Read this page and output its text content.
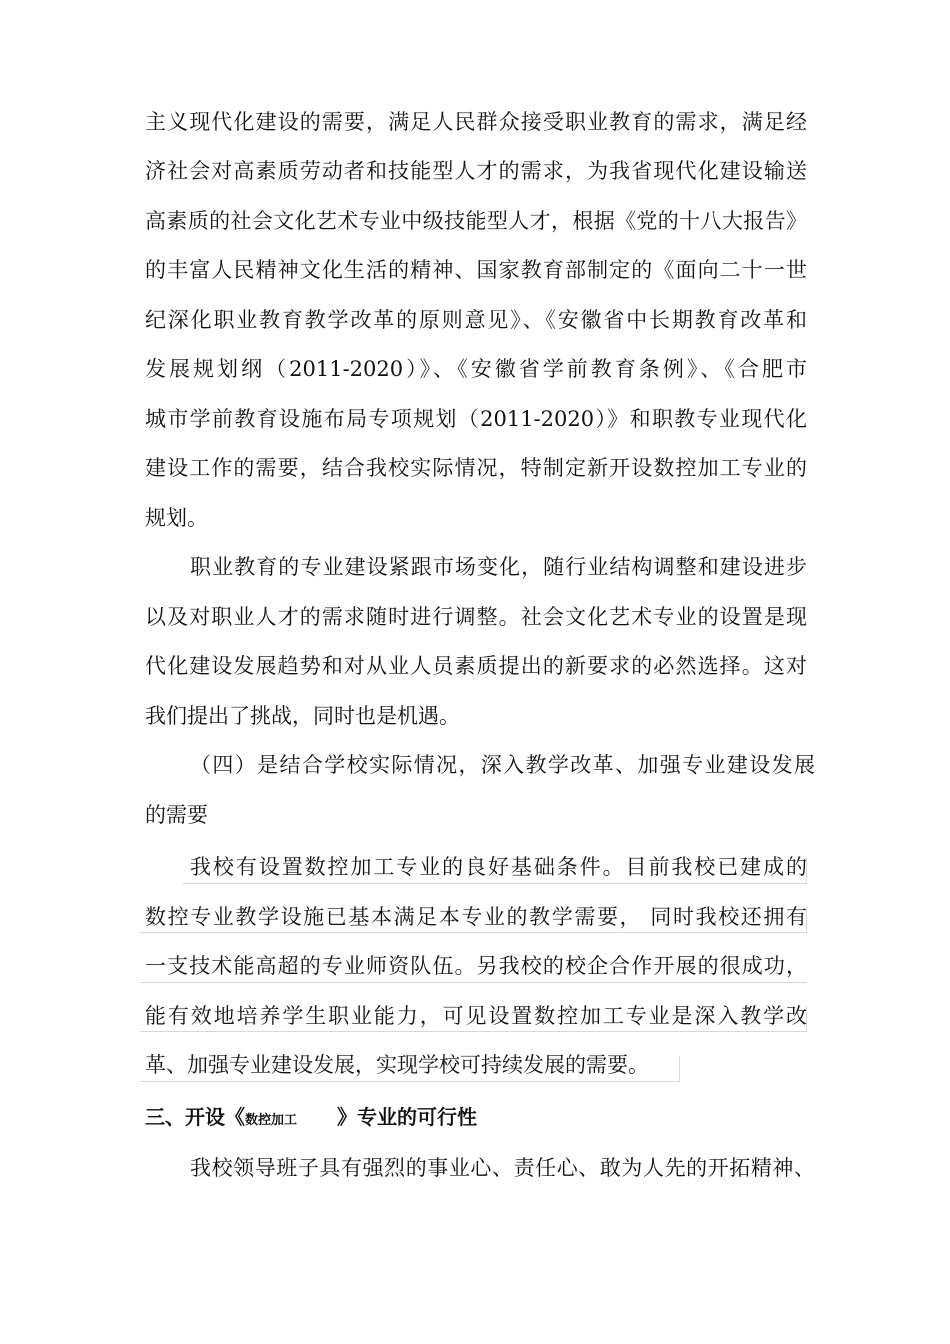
主义现代化建设的需要，满足人民群众接受职业教育的需求，满足经
济社会对高素质劳动者和技能型人才的需求，为我省现代化建设输送
高素质的社会文化艺术专业中级技能型人才，根据《党的十八大报告》
的丰富人民精神文化生活的精神、国家教育部制定的《面向二十一世
纪深化职业教育教学改革的原则意见》、《安徽省中长期教育改革和
发展规划纲（2011-2020）》、《安徽省学前教育条例》、《合肥市
城市学前教育设施布局专项规划（2011-2020）》和职教专业现代化
建设工作的需要，结合我校实际情况，特制定新开设数控加工专业的
规划。
职业教育的专业建设紧跟市场变化，随行业结构调整和建设进步
以及对职业人才的需求随时进行调整。社会文化艺术专业的设置是现
代化建设发展趋势和对从业人员素质提出的新要求的必然选择。这对
我们提出了挑战，同时也是机遇。
（四）是结合学校实际情况，深入教学改革、加强专业建设发展
的需要
我校有设置数控加工专业的良好基础条件。目前我校已建成的
数控专业教学设施已基本满足本专业的教学需要， 同时我校还拥有
一支技术能高超的专业师资队伍。另我校的校企合作开展的很成功，
能有效地培养学生职业能力，可见设置数控加工专业是深入教学改
革、加强专业建设发展，实现学校可持续发展的需要。
三、开设《数控加工 》专业的可行性
我校领导班子具有强烈的事业心、责任心、敢为人先的开拓精神、
